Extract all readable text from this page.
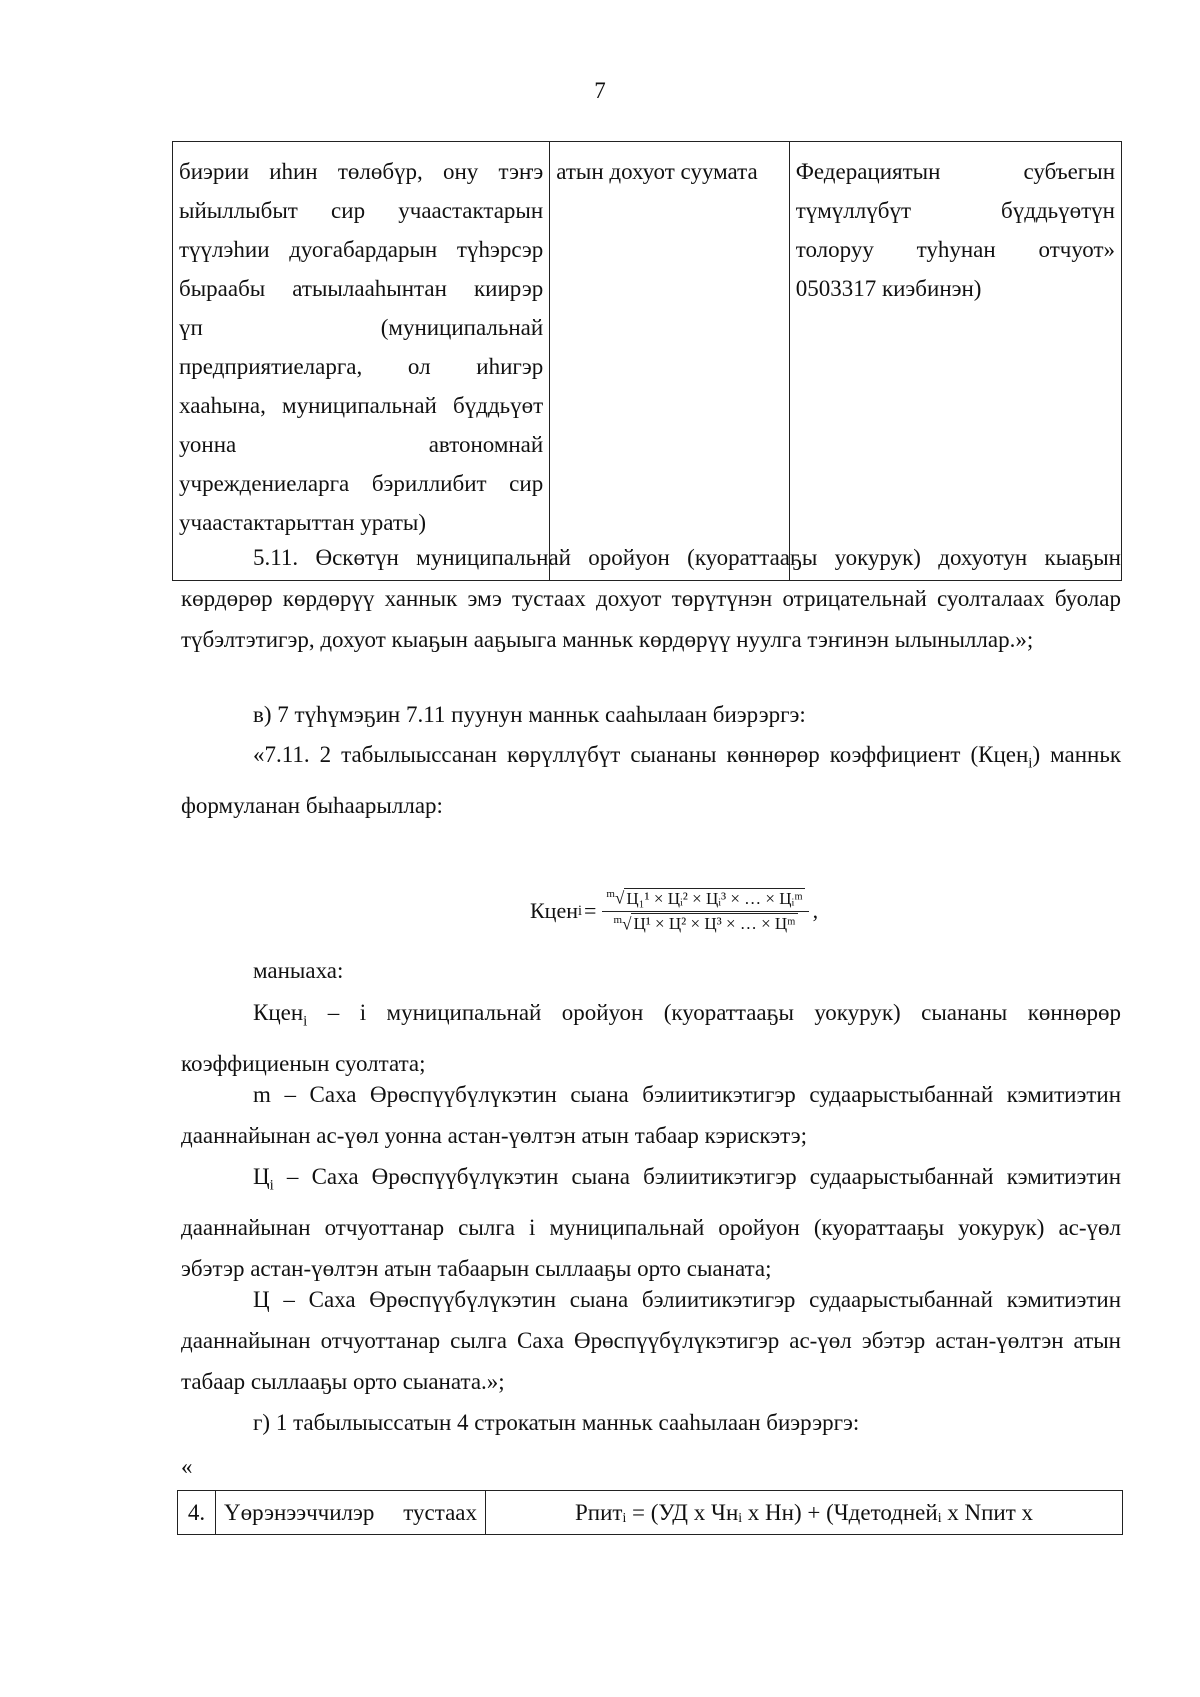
7
биэрии иһин төлөбүр, ону тэҥэ
ыйыллыбыт сир учаастактарын
түүлэһии дуогабардарын түһэрсэр
быраабы атыылааһынтан киирэр
үп (муниципальнай
предприятиеларга, ол иһигэр
хааһына, муниципальнай бүддьүөт
уонна автономнай
учреждениеларга бэриллибит сир
учаастактарыттан ураты)
атын дохуот суумата	Федерациятын субъегын
түмүллүбүт бүддьүөтүн
толоруу туһунан отчуот»
0503317 киэбинэн)
5.11. Өскөтүн муниципальнай оройуон (куораттааҕы уокурук) дохуотун кыаҕын көрдөрөр көрдөрүү ханнык эмэ тустаах дохуот төрүтүнэн отрицательнай суолталаах буолар түбэлтэтигэр, дохуот кыаҕын ааҕыыга манньк көрдөрүү нуулга тэҥинэн ылыныллар.»;
в) 7 түһүмэҕин 7.11 пуунун манньк сааһылаан биэрэргэ:
«7.11. 2 табылыыссанан көрүллүбүт сыананы көннөрөр коэффициент (Кцен$_i$) манньк формуланан быһаарыллар:
Кцен $i = \frac{^m√ Ц_1^1 \times Цᵢ^2 \times Цᵢ^3 \times \dots \times Цᵢᵐ}{^m√ Ц^1 \times Ц^2 \times Ц^3 \times \dots \times Цᵐ}$ ,
маныаха:
Кцен$_i$ – i муниципальнай оройуон (куораттааҕы уокурук) сыананы көннөрөр коэффициенын суолтата;
m – Саха Өрөспүүбүлүкэтин сыана бэлиитикэтигэр судаарыстыбаннай кэмитиэтин дааннайынан ас-үөл уонна астан-үөлтэн атын табаар кэрискэтэ;
$Ц_i$ – Саха Өрөспүүбүлүкэтин сыана бэлиитикэтигэр судаарыстыбаннай кэмитиэтин дааннайынан отчуоттанар сылга i муниципальнай оройуон (куораттааҕы уокурук) ас-үөл эбэтэр астан-үөлтэн атын табаарын сыллааҕы орто сыаната;
Ц – Саха Өрөспүүбүлүкэтин сыана бэлиитикэтигэр судаарыстыбаннай кэмитиэтин дааннайынан отчуоттанар сылга Саха Өрөспүүбүлүкэтигэр ас-үөл эбэтэр астан-үөлтэн атын табаар сыллааҕы орто сыаната.»;
г) 1 табылыыссатын 4 строкатын манньк сааһылаан биэрэргэ:
«
4. Үөрэнээччилэр тустаах	Рпитᵢ = (УД х Чнᵢ х Нн) + (Чдетоднейᵢ х Nпит х
